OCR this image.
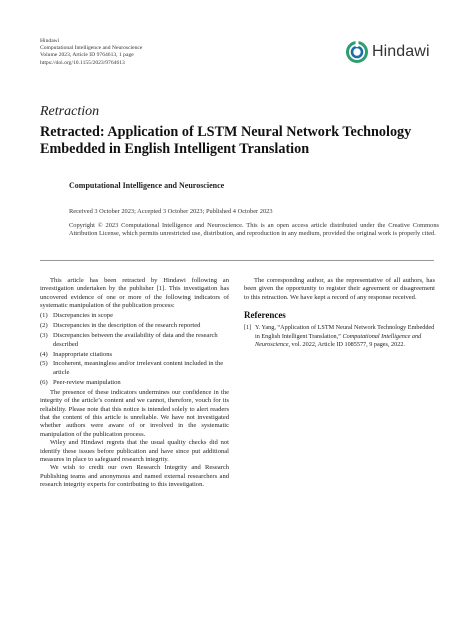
Hindawi
Computational Intelligence and Neuroscience
Volume 2023, Article ID 9764613, 1 page
https://doi.org/10.1155/2023/9764613
Hindawi
Retraction
Retracted: Application of LSTM Neural Network Technology Embedded in English Intelligent Translation
Computational Intelligence and Neuroscience
Received 3 October 2023; Accepted 3 October 2023; Published 4 October 2023
Copyright © 2023 Computational Intelligence and Neuroscience. This is an open access article distributed under the Creative Commons Attribution License, which permits unrestricted use, distribution, and reproduction in any medium, provided the original work is properly cited.

This article has been retracted by Hindawi following an investigation undertaken by the publisher [1]. This investigation has uncovered evidence of one or more of the following indicators of systematic manipulation of the publication process:

(1) Discrepancies in scope
(2) Discrepancies in the description of the research reported
(3) Discrepancies between the availability of data and the research described
(4) Inappropriate citations
(5) Incoherent, meaningless and/or irrelevant content included in the article
(6) Peer-review manipulation

The presence of these indicators undermines our confidence in the integrity of the article’s content and we cannot, therefore, vouch for its reliability. Please note that this notice is intended solely to alert readers that the content of this article is unreliable. We have not investigated whether authors were aware of or involved in the systematic manipulation of the publication process.

Wiley and Hindawi regrets that the usual quality checks did not identify these issues before publication and have since put additional measures in place to safeguard research integrity.

We wish to credit our own Research Integrity and Research Publishing teams and anonymous and named external researchers and research integrity experts for contributing to this investigation.

The corresponding author, as the representative of all authors, has been given the opportunity to register their agreement or disagreement to this retraction. We have kept a record of any response received.

References
[1] Y. Yang, “Application of LSTM Neural Network Technology Embedded in English Intelligent Translation,” Computational Intelligence and Neuroscience, vol. 2022, Article ID 1085577, 9 pages, 2022.
